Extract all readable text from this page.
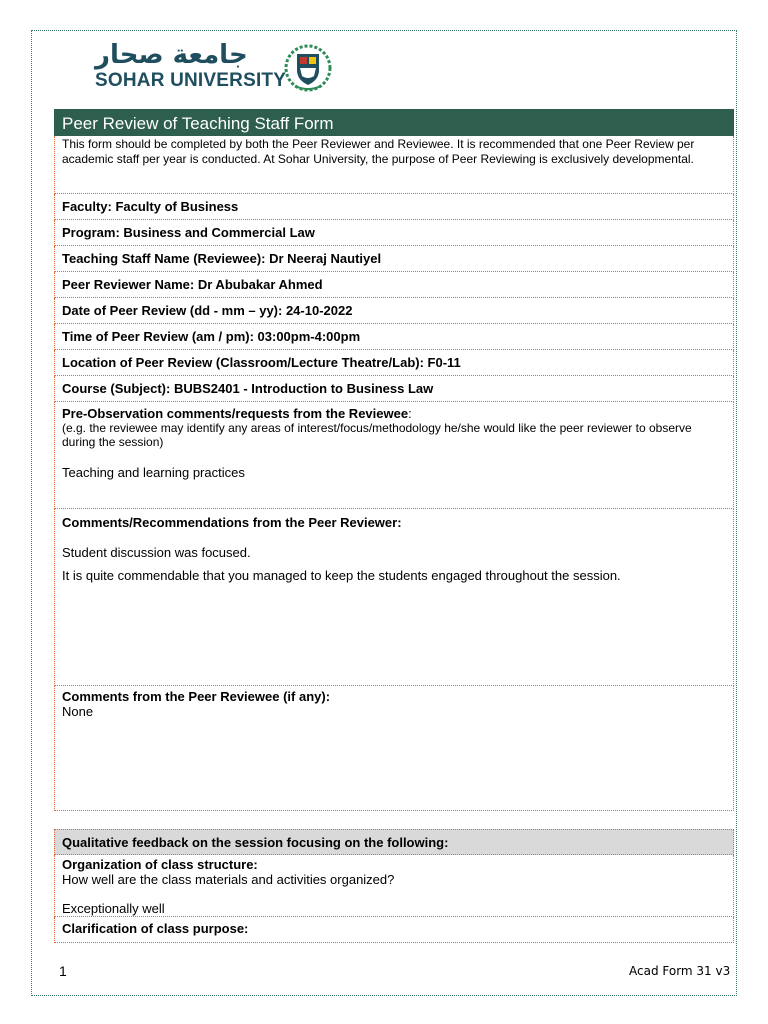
جامعة صحار
SOHAR UNIVERSITY
Peer Review of Teaching Staff Form
This form should be completed by both the Peer Reviewer and Reviewee. It is recommended that one Peer Review per academic staff per year is conducted. At Sohar University, the purpose of Peer Reviewing is exclusively developmental.
Faculty: Faculty of Business
Program: Business and Commercial Law
Teaching Staff Name (Reviewee): Dr Neeraj Nautiyel
Peer Reviewer Name: Dr Abubakar Ahmed
Date of Peer Review (dd - mm – yy): 24-10-2022
Time of Peer Review (am / pm): 03:00pm-4:00pm
Location of Peer Review (Classroom/Lecture Theatre/Lab): F0-11
Course (Subject): BUBS2401 - Introduction to Business Law
Pre-Observation comments/requests from the Reviewee:
(e.g. the reviewee may identify any areas of interest/focus/methodology he/she would like the peer reviewer to observe during the session)
Teaching and learning practices
Comments/Recommendations from the Peer Reviewer:
Student discussion was focused.
It is quite commendable that you managed to keep the students engaged throughout the session.
Comments from the Peer Reviewee (if any):
None
Qualitative feedback on the session focusing on the following:
Organization of class structure:
How well are the class materials and activities organized?
Exceptionally well
Clarification of class purpose:
1	Acad Form 31 v3
